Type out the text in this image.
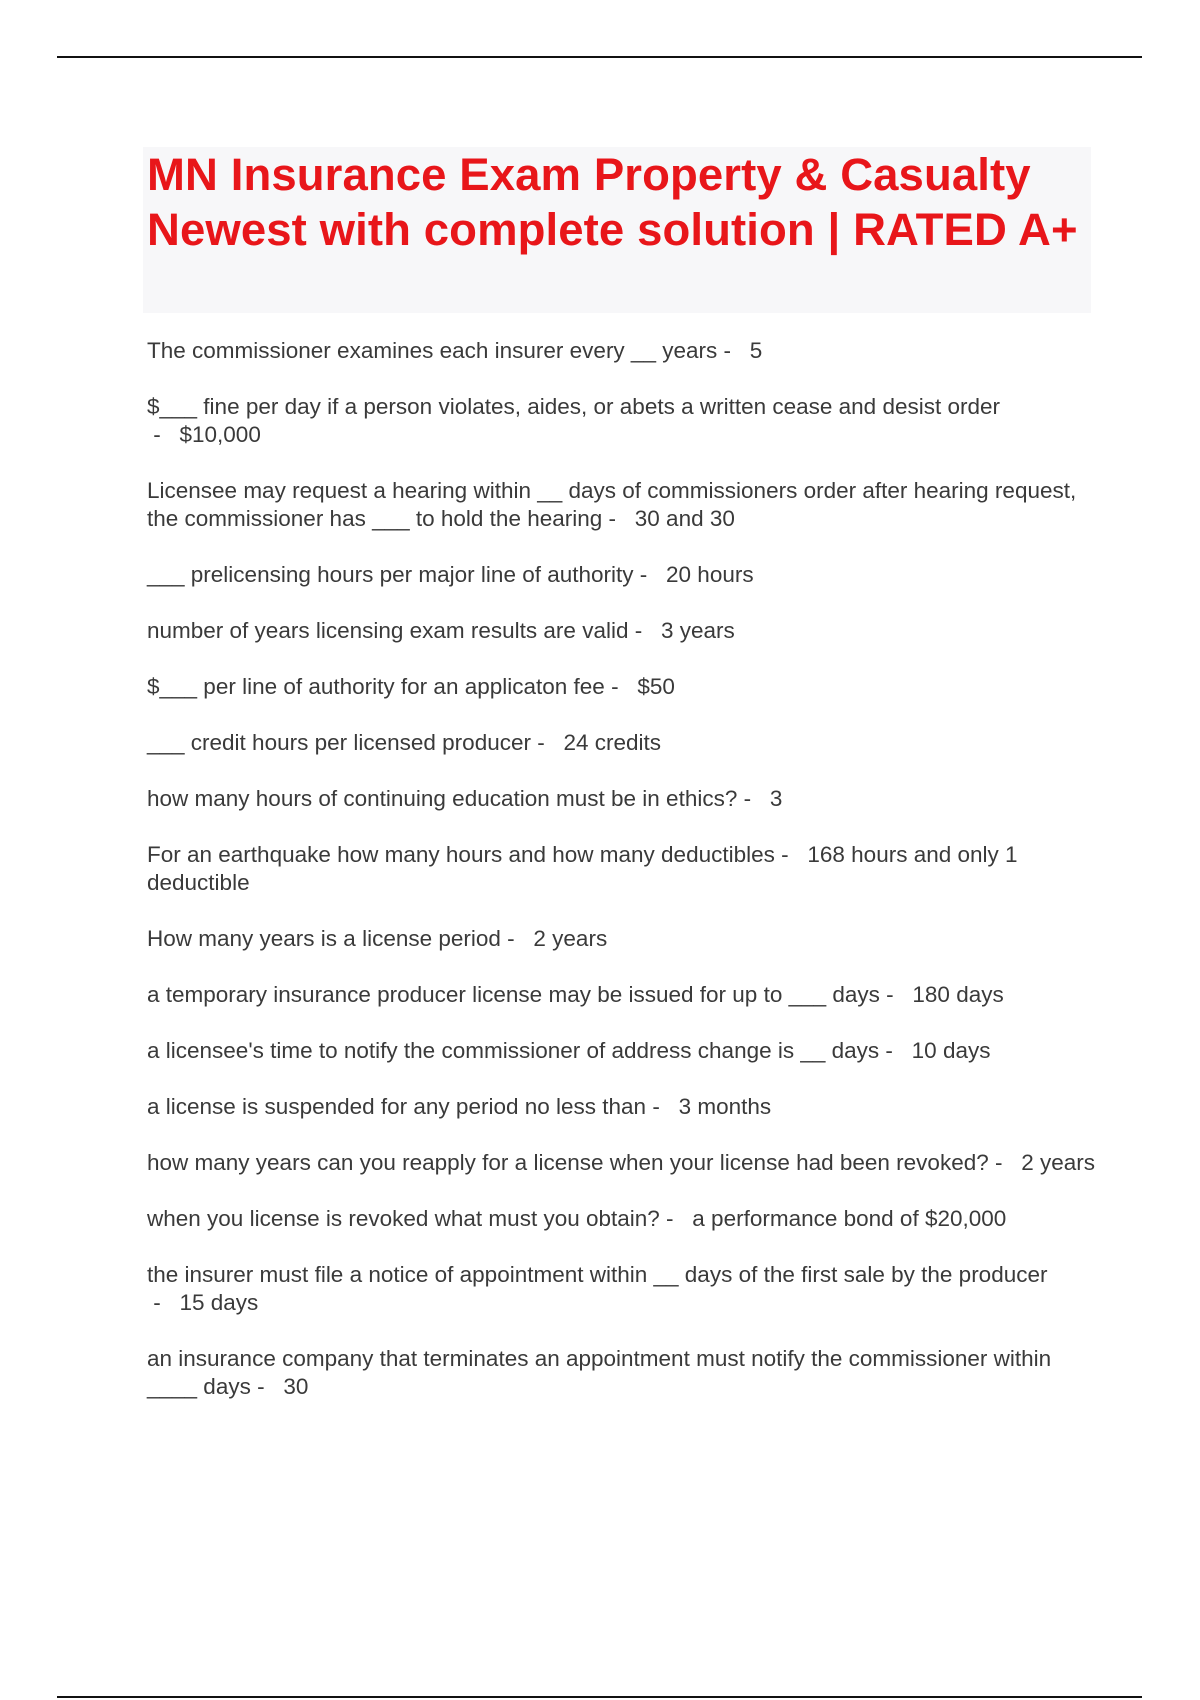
MN Insurance Exam Property & Casualty Newest with complete solution | RATED A+
The commissioner examines each insurer every __ years -   5
$___ fine per day if a person violates, aides, or abets a written cease and desist order -   $10,000
Licensee may request a hearing within __ days of commissioners order after hearing request, the commissioner has ___ to hold the hearing -   30 and 30
___ prelicensing hours per major line of authority -   20 hours
number of years licensing exam results are valid -   3 years
$___ per line of authority for an applicaton fee -   $50
___ credit hours per licensed producer -   24 credits
how many hours of continuing education must be in ethics? -   3
For an earthquake how many hours and how many deductibles -   168 hours and only 1 deductible
How many years is a license period -   2 years
a temporary insurance producer license may be issued for up to ___ days -   180 days
a licensee's time to notify the commissioner of address change is __ days -   10 days
a license is suspended for any period no less than -   3 months
how many years can you reapply for a license when your license had been revoked? -   2 years
when you license is revoked what must you obtain? -   a performance bond of $20,000
the insurer must file a notice of appointment within __ days of the first sale by the producer -   15 days
an insurance company that terminates an appointment must notify the commissioner within ____ days -   30
